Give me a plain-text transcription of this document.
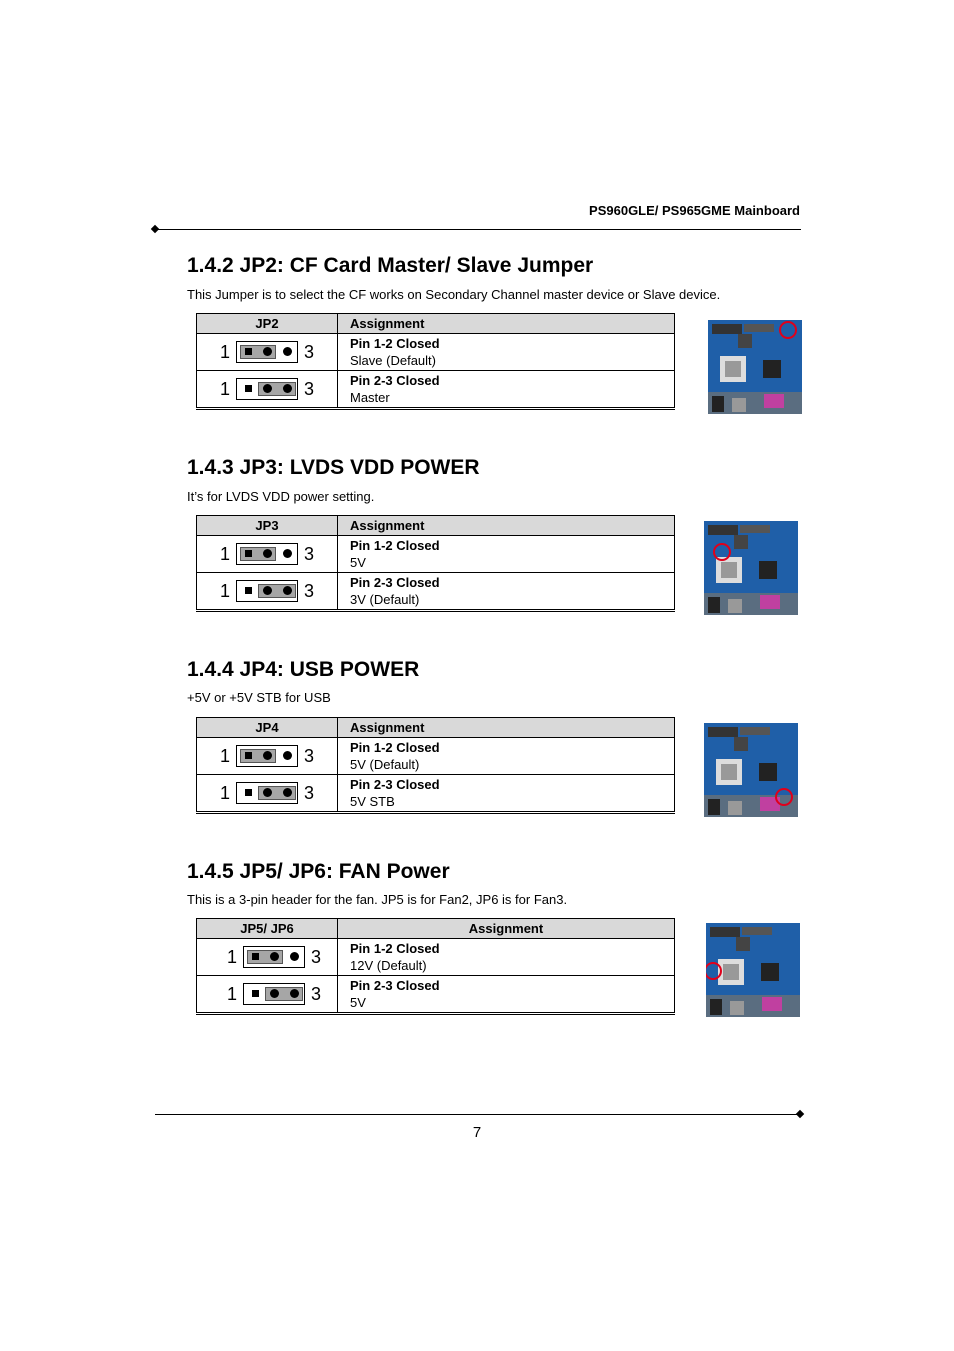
PS960GLE/ PS965GME Mainboard
1.4.2 JP2: CF Card Master/ Slave Jumper

This Jumper is to select the CF works on Secondary Channel master device or Slave device.

JP2	Assignment

1 3	Pin 1-2 Closed
Slave (Default)

1 3	Pin 2-3 Closed
Master
1.4.3 JP3: LVDS VDD POWER

It’s for LVDS VDD power setting.

JP3	Assignment

1 3	Pin 1-2 Closed
5V

1 3	Pin 2-3 Closed
3V (Default)
1.4.4 JP4: USB POWER

+5V or +5V STB for USB

JP4	Assignment

1 3	Pin 1-2 Closed
5V (Default)

1 3	Pin 2-3 Closed
5V STB
1.4.5 JP5/ JP6: FAN Power

This is a 3-pin header for the fan. JP5 is for Fan2, JP6 is for Fan3.

JP5/ JP6	Assignment

1 3	Pin 1-2 Closed
12V (Default)

1 3	Pin 2-3 Closed
5V
7
